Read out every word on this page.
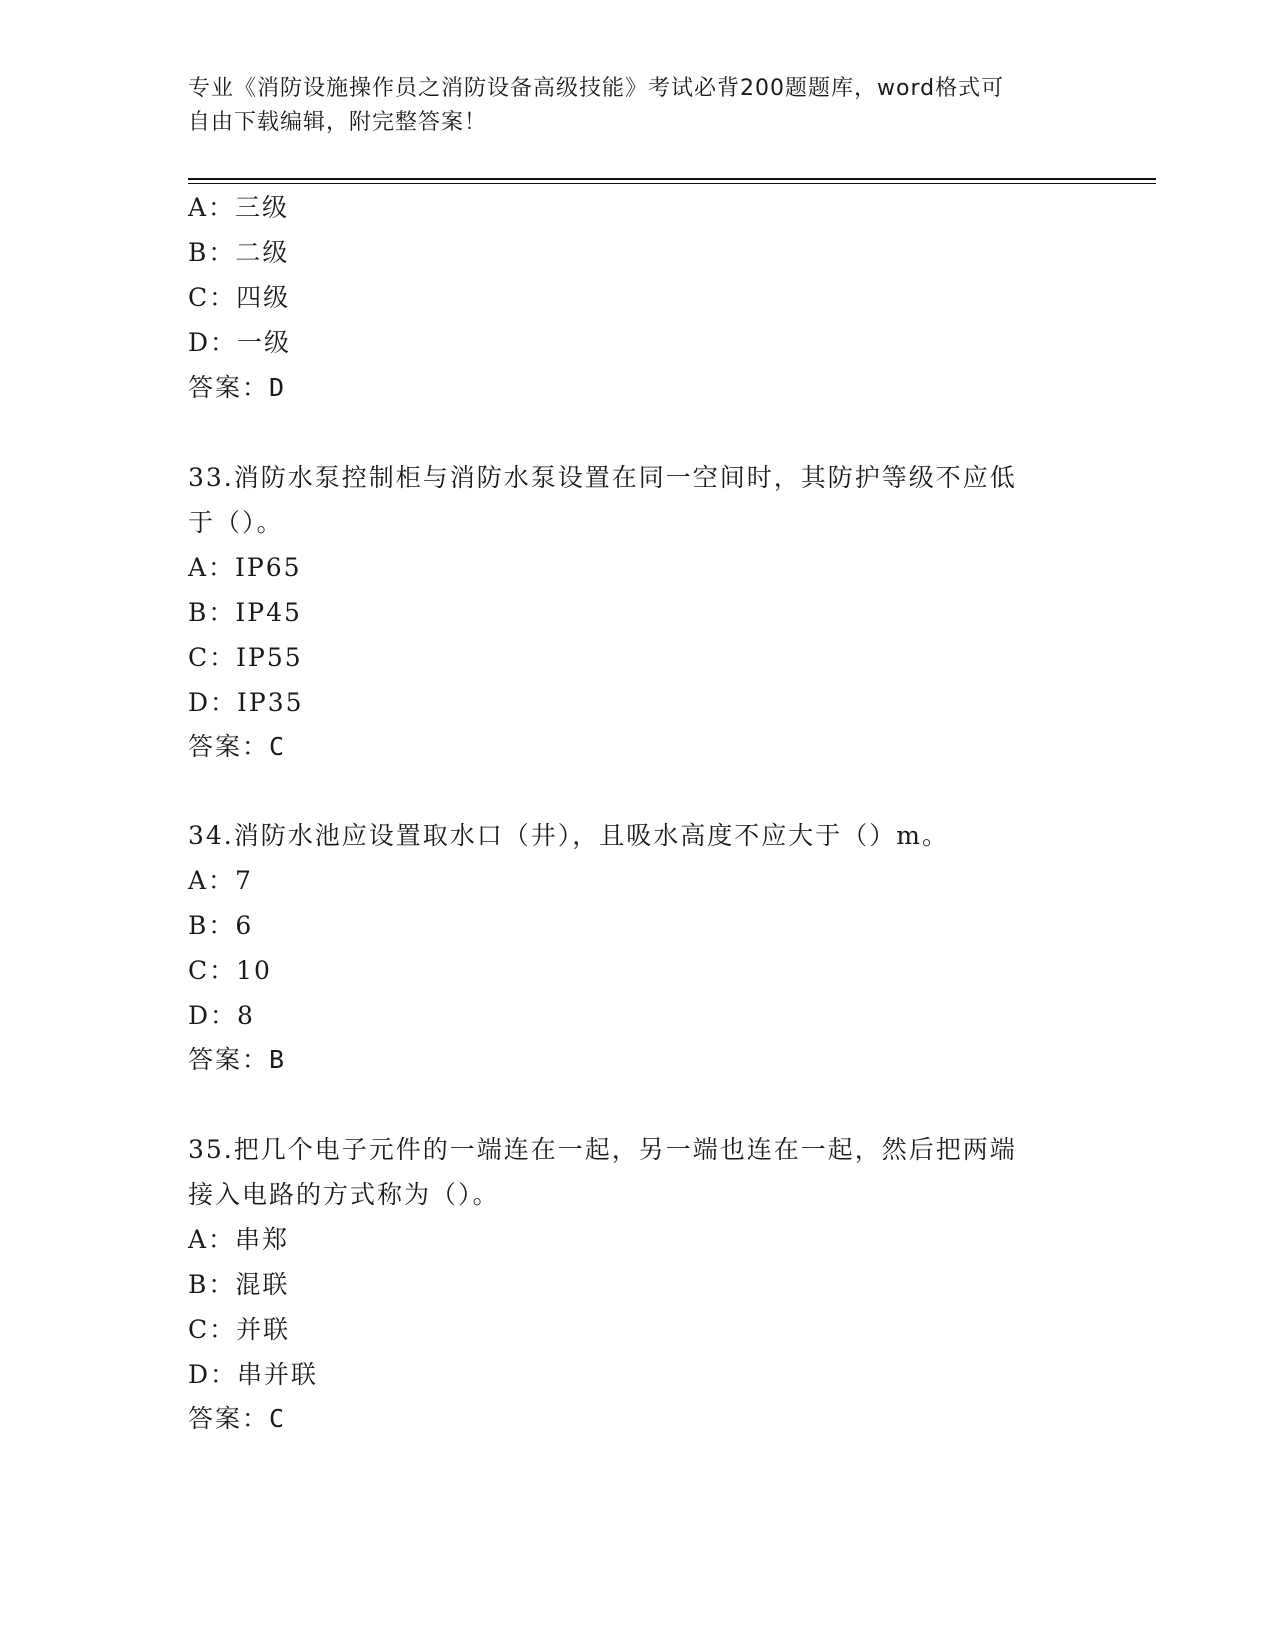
专业《消防设施操作员之消防设备高级技能》考试必背200题题库，word格式可
自由下载编辑，附完整答案！
A：三级
B：二级
C：四级
D：一级
答案：D
33.消防水泵控制柜与消防水泵设置在同一空间时，其防护等级不应低
于（）。
A：IP65
B：IP45
C：IP55
D：IP35
答案：C
34.消防水池应设置取水口（井），且吸水高度不应大于（）m。
A：7
B：6
C：10
D：8
答案：B
35.把几个电子元件的一端连在一起，另一端也连在一起，然后把两端
接入电路的方式称为（）。
A：串郑
B：混联
C：并联
D：串并联
答案：C
